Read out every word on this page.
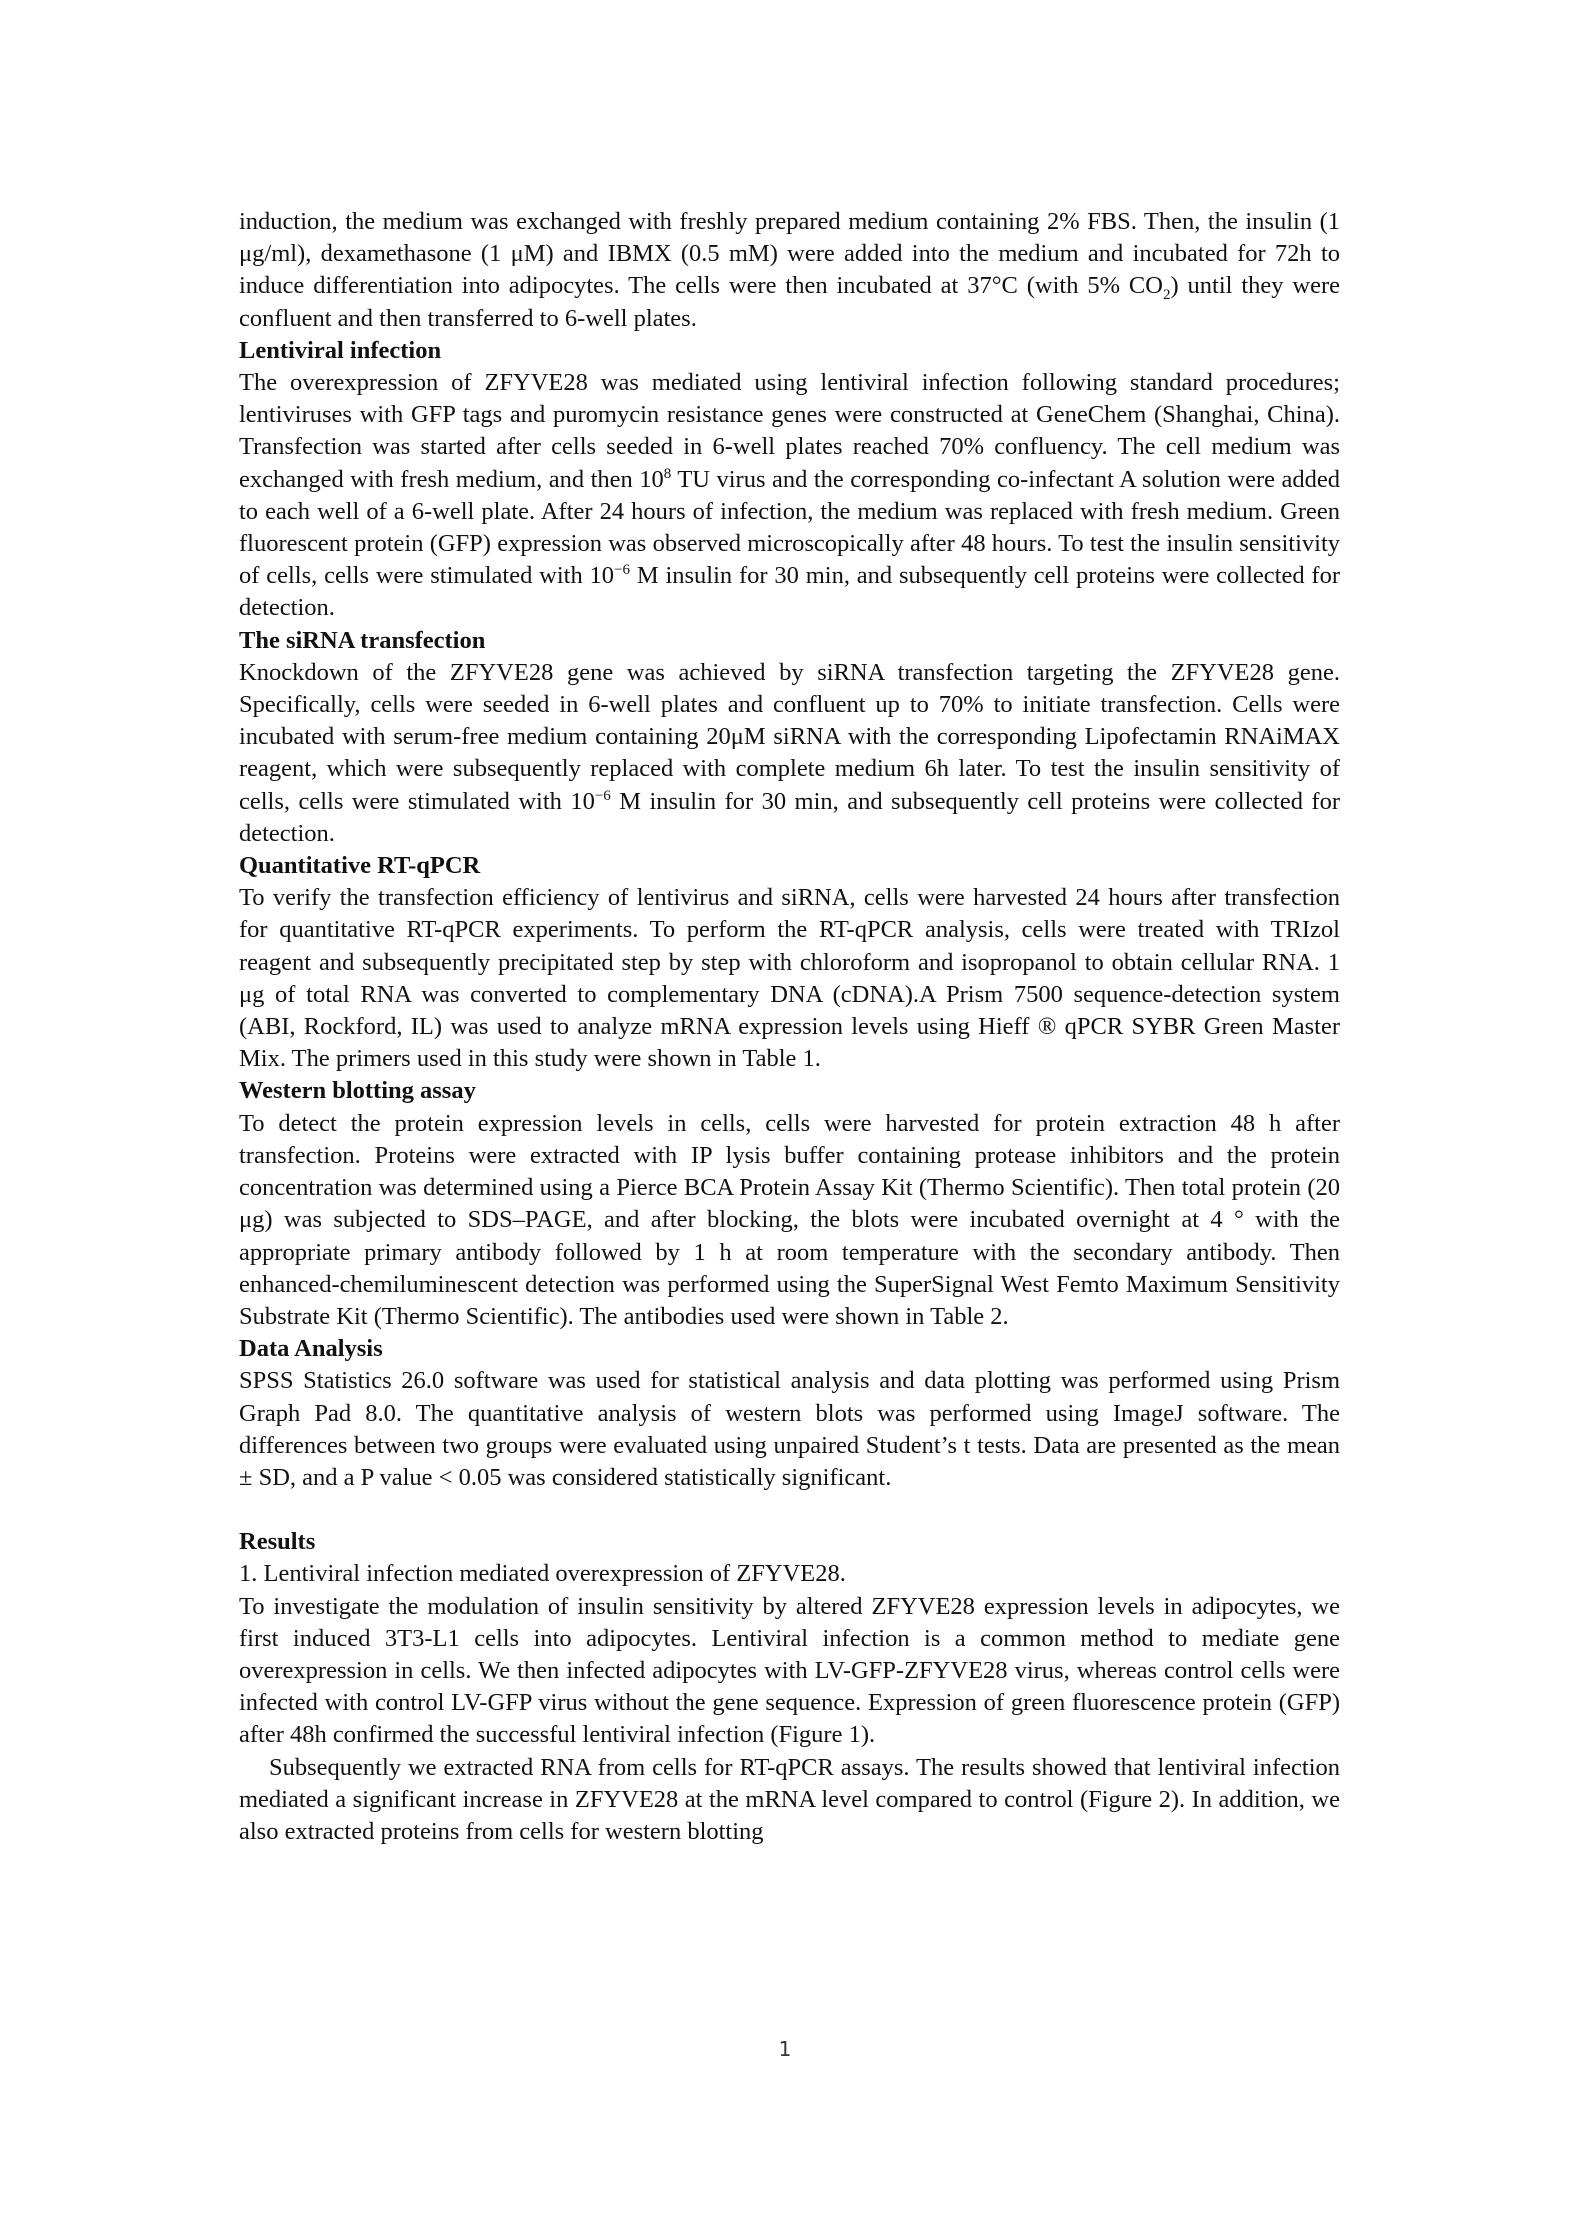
induction, the medium was exchanged with freshly prepared medium containing 2% FBS. Then, the insulin (1 μg/ml), dexamethasone (1 μM) and IBMX (0.5 mM) were added into the medium and incubated for 72h to induce differentiation into adipocytes. The cells were then incubated at 37°C (with 5% $CO_2$) until they were confluent and then transferred to 6-well plates.

Lentiviral infection

The overexpression of ZFYVE28 was mediated using lentiviral infection following standard procedures; lentiviruses with GFP tags and puromycin resistance genes were constructed at GeneChem (Shanghai, China). Transfection was started after cells seeded in 6-well plates reached 70% confluency. The cell medium was exchanged with fresh medium, and then $10^8$ TU virus and the corresponding co-infectant A solution were added to each well of a 6-well plate. After 24 hours of infection, the medium was replaced with fresh medium. Green fluorescent protein (GFP) expression was observed microscopically after 48 hours. To test the insulin sensitivity of cells, cells were stimulated with $10^{-6}$ M insulin for 30 min, and subsequently cell proteins were collected for detection.

The siRNA transfection

Knockdown of the ZFYVE28 gene was achieved by siRNA transfection targeting the ZFYVE28 gene. Specifically, cells were seeded in 6-well plates and confluent up to 70% to initiate transfection. Cells were incubated with serum-free medium containing 20μM siRNA with the corresponding Lipofectamin RNAiMAX reagent, which were subsequently replaced with complete medium 6h later. To test the insulin sensitivity of cells, cells were stimulated with $10^{-6}$ M insulin for 30 min, and subsequently cell proteins were collected for detection.

Quantitative RT-qPCR

To verify the transfection efficiency of lentivirus and siRNA, cells were harvested 24 hours after transfection for quantitative RT-qPCR experiments. To perform the RT-qPCR analysis, cells were treated with TRIzol reagent and subsequently precipitated step by step with chloroform and isopropanol to obtain cellular RNA. 1 μg of total RNA was converted to complementary DNA (cDNA).A Prism 7500 sequence-detection system (ABI, Rockford, IL) was used to analyze mRNA expression levels using Hieff ® qPCR SYBR Green Master Mix. The primers used in this study were shown in Table 1.

Western blotting assay

To detect the protein expression levels in cells, cells were harvested for protein extraction 48 h after transfection. Proteins were extracted with IP lysis buffer containing protease inhibitors and the protein concentration was determined using a Pierce BCA Protein Assay Kit (Thermo Scientific). Then total protein (20 μg) was subjected to SDS–PAGE, and after blocking, the blots were incubated overnight at 4 ° with the appropriate primary antibody followed by 1 h at room temperature with the secondary antibody. Then enhanced-chemiluminescent detection was performed using the SuperSignal West Femto Maximum Sensitivity Substrate Kit (Thermo Scientific). The antibodies used were shown in Table 2.

Data Analysis

SPSS Statistics 26.0 software was used for statistical analysis and data plotting was performed using Prism Graph Pad 8.0. The quantitative analysis of western blots was performed using ImageJ software. The differences between two groups were evaluated using unpaired Student’s t tests. Data are presented as the mean ± SD, and a P value < 0.05 was considered statistically significant.

Results

1. Lentiviral infection mediated overexpression of ZFYVE28.

To investigate the modulation of insulin sensitivity by altered ZFYVE28 expression levels in adipocytes, we first induced 3T3-L1 cells into adipocytes. Lentiviral infection is a common method to mediate gene overexpression in cells. We then infected adipocytes with LV-GFP-ZFYVE28 virus, whereas control cells were infected with control LV-GFP virus without the gene sequence. Expression of green fluorescence protein (GFP) after 48h confirmed the successful lentiviral infection (Figure 1).

Subsequently we extracted RNA from cells for RT-qPCR assays. The results showed that lentiviral infection mediated a significant increase in ZFYVE28 at the mRNA level compared to control (Figure 2). In addition, we also extracted proteins from cells for western blotting

1
